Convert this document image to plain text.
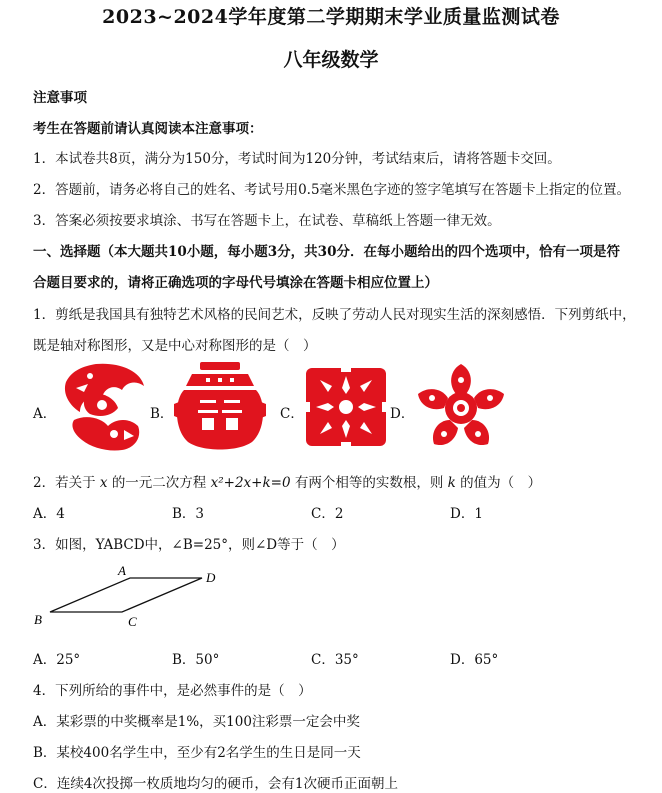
2023~2024学年度第二学期期末学业质量监测试卷
八年级数学
注意事项
考生在答题前请认真阅读本注意事项：
1．本试卷共8页，满分为150分，考试时间为120分钟，考试结束后，请将答题卡交回。
2．答题前，请务必将自己的姓名、考试号用0.5毫米黑色字迹的签字笔填写在答题卡上指定的位置。
3．答案必须按要求填涂、书写在答题卡上，在试卷、草稿纸上答题一律无效。
一、选择题（本大题共10小题，每小题3分，共30分．在每小题给出的四个选项中，恰有一项是符
合题目要求的，请将正确选项的字母代号填涂在答题卡相应位置上）
1．剪纸是我国具有独特艺术风格的民间艺术，反映了劳动人民对现实生活的深刻感悟．下列剪纸中，
既是轴对称图形，又是中心对称图形的是（　）
A．	B．	C．	D．
2．若关于 x 的一元二次方程 x²+2x+k=0 有两个相等的实数根，则 k 的值为（　）
A．4	B．3	C．2	D．1
3．如图，YABCD中，∠B=25°，则∠D等于（　）
A	D
B	C
A．25°	B．50°	C．35°	D．65°
4．下列所给的事件中，是必然事件的是（　）
A．某彩票的中奖概率是1%，买100注彩票一定会中奖
B．某校400名学生中，至少有2名学生的生日是同一天
C．连续4次投掷一枚质地均匀的硬币，会有1次硬币正面朝上
